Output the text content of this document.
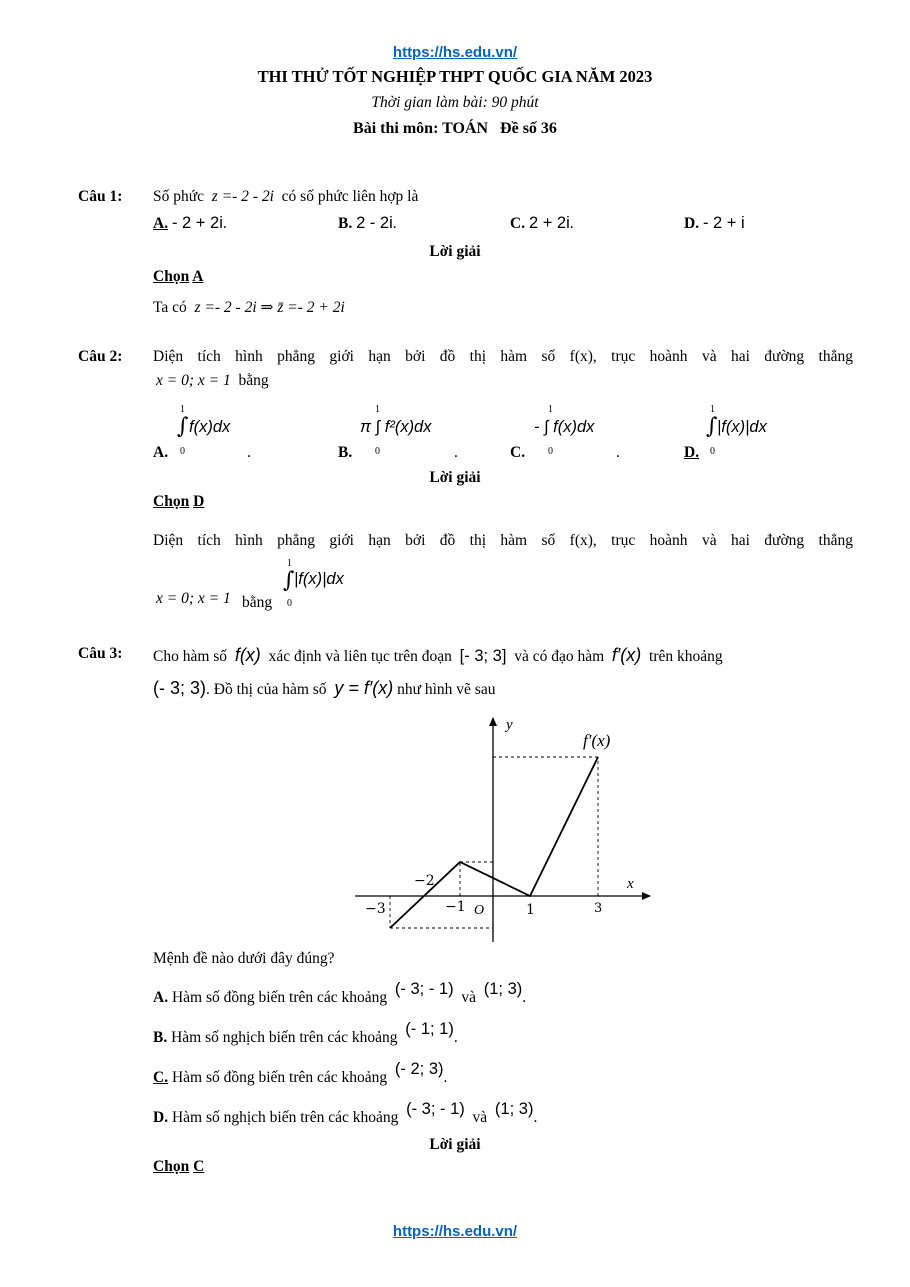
https://hs.edu.vn/
THI THỬ TỐT NGHIỆP THPT QUỐC GIA NĂM 2023
Thời gian làm bài: 90 phút
Bài thi môn: TOÁN Đề số 36
Câu 1: Số phức z =- 2 - 2i có số phức liên hợp là
A. - 2 + 2i.	B. 2 - 2i.	C. 2 + 2i.	D. - 2 + i
Lời giải
Chọn A
Ta có z =- 2 - 2i ⇒ z̄ =- 2 + 2i
Câu 2: Diện tích hình phẳng giới hạn bởi đồ thị hàm số f(x), trục hoành và hai đường thẳng
x = 0; x = 1 bằng
A.
1
∫
0
f(x)dx
.	B.
1
0
π ∫ f²(x)dx
.	C.
1
0
- ∫ f(x)dx
.	D.
1
∫
0
|f(x)|dx
Lời giải
Chọn D
Diện tích hình phẳng giới hạn bởi đồ thị hàm số f(x), trục hoành và hai đường thẳng
x = 0; x = 1 bằng
1
∫
0
|f(x)|dx
Câu 3: Cho hàm số f(x) xác định và liên tục trên đoạn [- 3; 3] và có đạo hàm f′(x) trên khoảng
(- 3; 3). Đồ thị của hàm số y = f′(x) như hình vẽ sau
y
x
f′(x)
O
−3
−2
−1	1	3
Mệnh đề nào dưới đây đúng?
A. Hàm số đồng biến trên các khoảng (- 3; - 1) và (1; 3).
B. Hàm số nghịch biến trên các khoảng (- 1; 1).
C. Hàm số đồng biến trên các khoảng (- 2; 3).
D. Hàm số nghịch biến trên các khoảng (- 3; - 1) và (1; 3).
Lời giải
Chọn C
https://hs.edu.vn/
